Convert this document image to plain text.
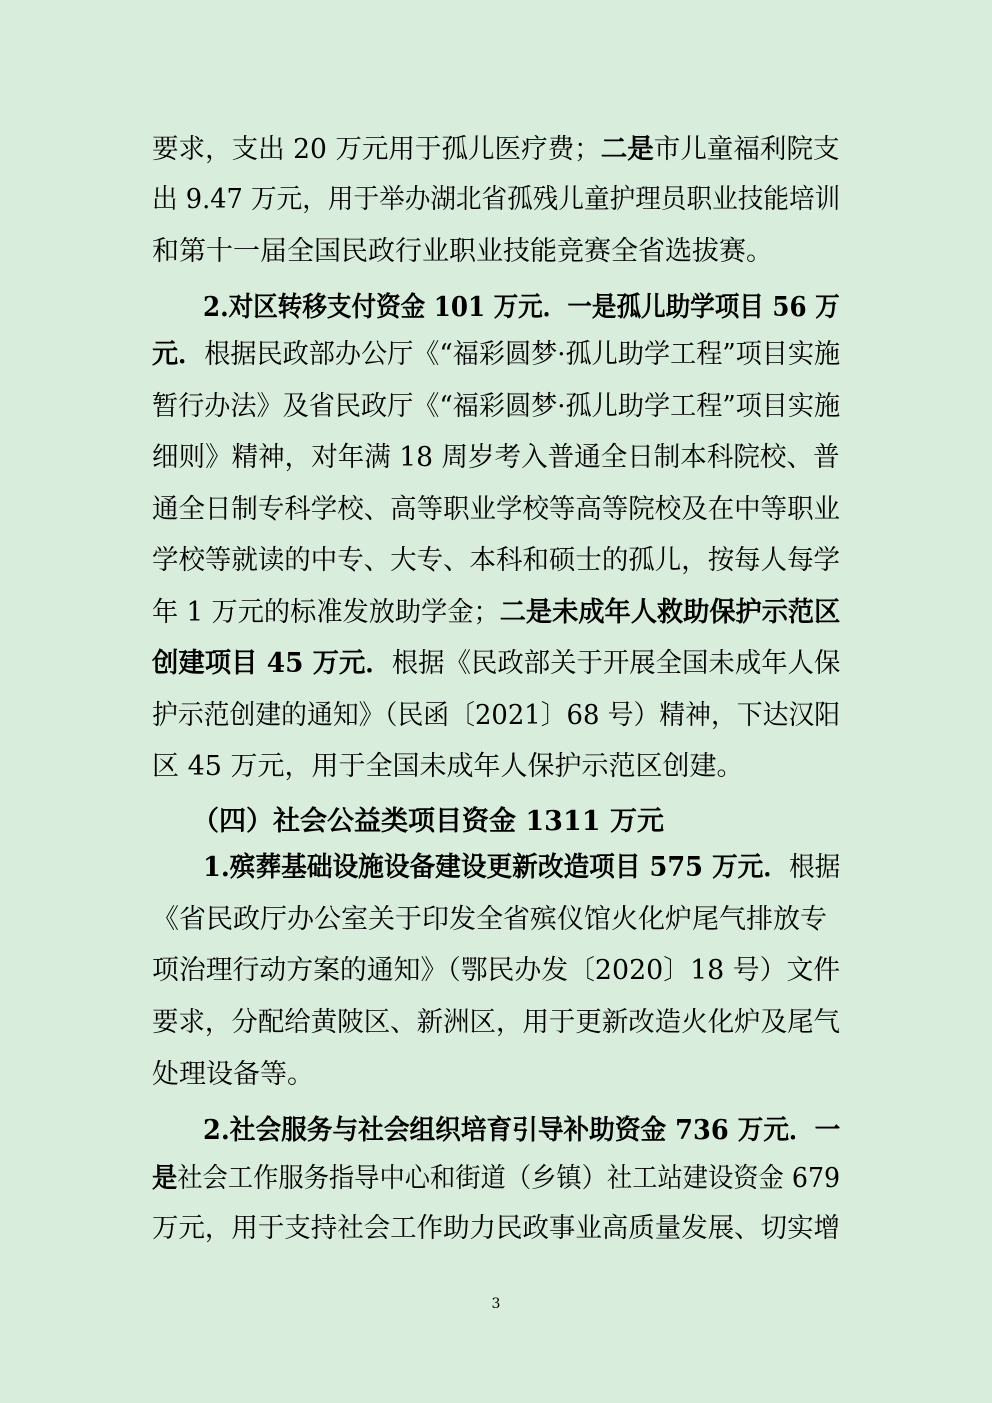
要求，支出 20 万元用于孤儿医疗费；二是市儿童福利院支
出 9.47 万元，用于举办湖北省孤残儿童护理员职业技能培训
和第十一届全国民政行业职业技能竞赛全省选拔赛。
2.对区转移支付资金 101 万元．一是孤儿助学项目 56 万
元．根据民政部办公厅《“福彩圆梦·孤儿助学工程”项目实施
暂行办法》及省民政厅《“福彩圆梦·孤儿助学工程”项目实施
细则》精神，对年满 18 周岁考入普通全日制本科院校、普
通全日制专科学校、高等职业学校等高等院校及在中等职业
学校等就读的中专、大专、本科和硕士的孤儿，按每人每学
年 1 万元的标准发放助学金；二是未成年人救助保护示范区
创建项目 45 万元．根据《民政部关于开展全国未成年人保
护示范创建的通知》（民函〔2021〕68 号）精神，下达汉阳
区 45 万元，用于全国未成年人保护示范区创建。
（四）社会公益类项目资金 1311 万元
1.殡葬基础设施设备建设更新改造项目 575 万元．根据
《省民政厅办公室关于印发全省殡仪馆火化炉尾气排放专
项治理行动方案的通知》（鄂民办发〔2020〕18 号）文件
要求，分配给黄陂区、新洲区，用于更新改造火化炉及尾气
处理设备等。
2.社会服务与社会组织培育引导补助资金 736 万元．一
是社会工作服务指导中心和街道（乡镇）社工站建设资金 679
万元，用于支持社会工作助力民政事业高质量发展、切实增
3
